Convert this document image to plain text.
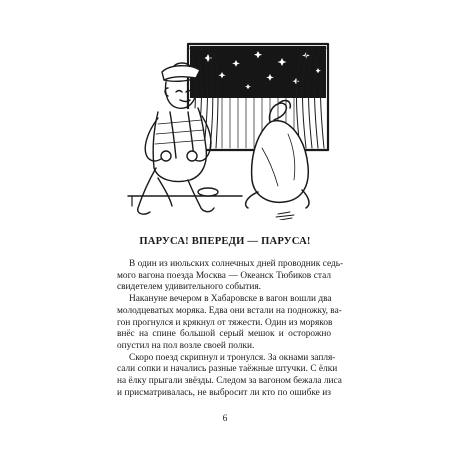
ПАРУСА! ВПЕРЕДИ — ПАРУСА!

В один из июльских солнечных дней проводник седь-
мого вагона поезда Москва — Океанск Тюбиков стал
свидетелем удивительного события.

Накануне вечером в Хабаровске в вагон вошли два
молодцеватых моряка. Едва они встали на подножку, ва-
гон прогнулся и крякнул от тяжести. Один из моряков
внёс на спине большой серый мешок и осторожно
опустил на пол возле своей полки.

Скоро поезд скрипнул и тронулся. За окнами запля-
сали сопки и начались разные таёжные штучки. С ёлки
на ёлку прыгали звёзды. Следом за вагоном бежала лиса
и присматривалась, не выбросит ли кто по ошибке из

6
